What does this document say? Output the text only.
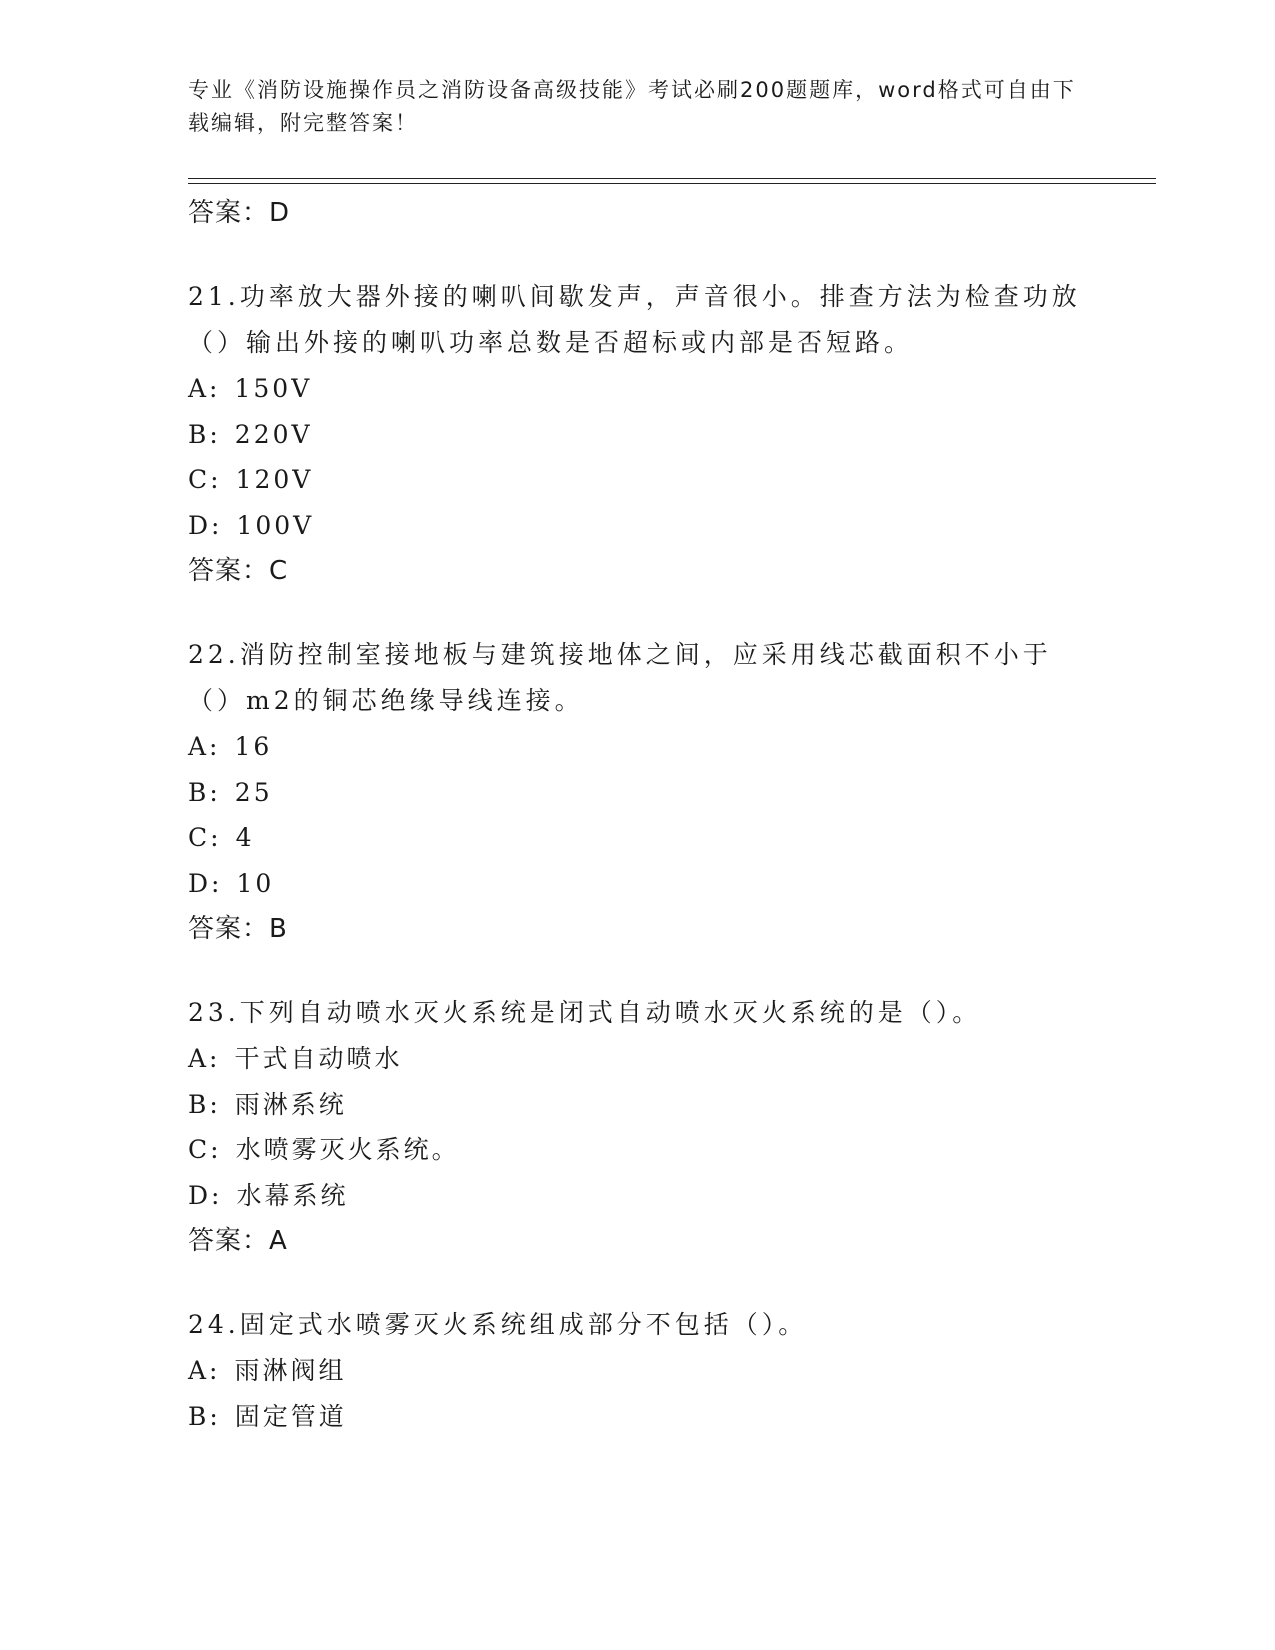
专业《消防设施操作员之消防设备高级技能》考试必刷200题题库，word格式可自由下载编辑，附完整答案！
答案：D
21.功率放大器外接的喇叭间歇发声，声音很小。排查方法为检查功放（）输出外接的喇叭功率总数是否超标或内部是否短路。
A: 150V
B: 220V
C: 120V
D: 100V
答案：C
22.消防控制室接地板与建筑接地体之间，应采用线芯截面积不小于（）m2的铜芯绝缘导线连接。
A: 16
B: 25
C: 4
D: 10
答案：B
23.下列自动喷水灭火系统是闭式自动喷水灭火系统的是（）。
A: 干式自动喷水
B: 雨淋系统
C: 水喷雾灭火系统。
D: 水幕系统
答案：A
24.固定式水喷雾灭火系统组成部分不包括（）。
A: 雨淋阀组
B: 固定管道
